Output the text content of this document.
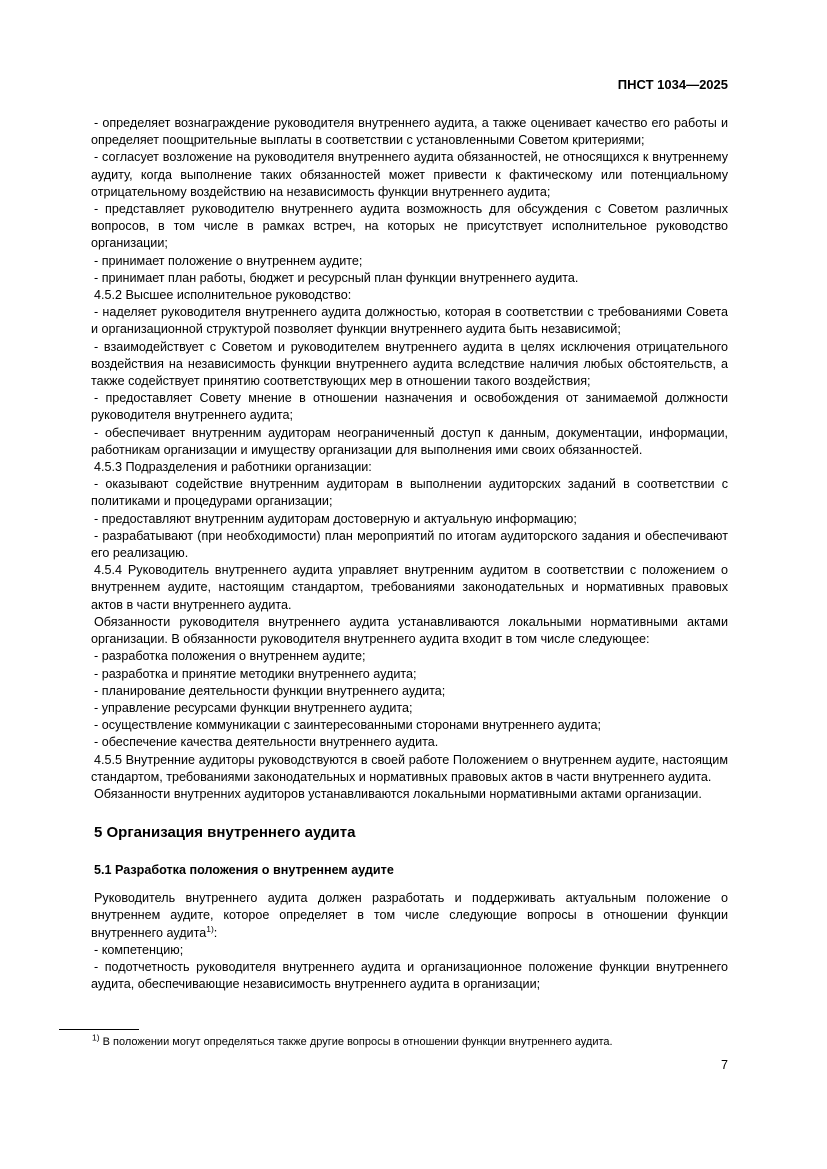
ПНСТ 1034—2025

- определяет вознаграждение руководителя внутреннего аудита, а также оценивает качество его работы и определяет поощрительные выплаты в соответствии с установленными Советом критериями;

- согласует возложение на руководителя внутреннего аудита обязанностей, не относящихся к внутреннему аудиту, когда выполнение таких обязанностей может привести к фактическому или потенциальному отрицательному воздействию на независимость функции внутреннего аудита;

- представляет руководителю внутреннего аудита возможность для обсуждения с Советом различных вопросов, в том числе в рамках встреч, на которых не присутствует исполнительное руководство организации;

- принимает положение о внутреннем аудите;

- принимает план работы, бюджет и ресурсный план функции внутреннего аудита.

4.5.2 Высшее исполнительное руководство:

- наделяет руководителя внутреннего аудита должностью, которая в соответствии с требованиями Совета и организационной структурой позволяет функции внутреннего аудита быть независимой;

- взаимодействует с Советом и руководителем внутреннего аудита в целях исключения отрицательного воздействия на независимость функции внутреннего аудита вследствие наличия любых обстоятельств, а также содействует принятию соответствующих мер в отношении такого воздействия;

- предоставляет Совету мнение в отношении назначения и освобождения от занимаемой должности руководителя внутреннего аудита;

- обеспечивает внутренним аудиторам неограниченный доступ к данным, документации, информации, работникам организации и имуществу организации для выполнения ими своих обязанностей.

4.5.3 Подразделения и работники организации:

- оказывают содействие внутренним аудиторам в выполнении аудиторских заданий в соответствии с политиками и процедурами организации;

- предоставляют внутренним аудиторам достоверную и актуальную информацию;

- разрабатывают (при необходимости) план мероприятий по итогам аудиторского задания и обеспечивают его реализацию.

4.5.4 Руководитель внутреннего аудита управляет внутренним аудитом в соответствии с положением о внутреннем аудите, настоящим стандартом, требованиями законодательных и нормативных правовых актов в части внутреннего аудита.

Обязанности руководителя внутреннего аудита устанавливаются локальными нормативными актами организации. В обязанности руководителя внутреннего аудита входит в том числе следующее:

- разработка положения о внутреннем аудите;

- разработка и принятие методики внутреннего аудита;

- планирование деятельности функции внутреннего аудита;

- управление ресурсами функции внутреннего аудита;

- осуществление коммуникации с заинтересованными сторонами внутреннего аудита;

- обеспечение качества деятельности внутреннего аудита.

4.5.5 Внутренние аудиторы руководствуются в своей работе Положением о внутреннем аудите, настоящим стандартом, требованиями законодательных и нормативных правовых актов в части внутреннего аудита.

Обязанности внутренних аудиторов устанавливаются локальными нормативными актами организации.

5 Организация внутреннего аудита
5.1 Разработка положения о внутреннем аудите

Руководитель внутреннего аудита должен разработать и поддерживать актуальным положение о внутреннем аудите, которое определяет в том числе следующие вопросы в отношении функции внутреннего аудита$^{1)}$:

- компетенцию;

- подотчетность руководителя внутреннего аудита и организационное положение функции внутреннего аудита, обеспечивающие независимость внутреннего аудита в организации;

$^{1)}$ В положении могут определяться также другие вопросы в отношении функции внутреннего аудита.
7
